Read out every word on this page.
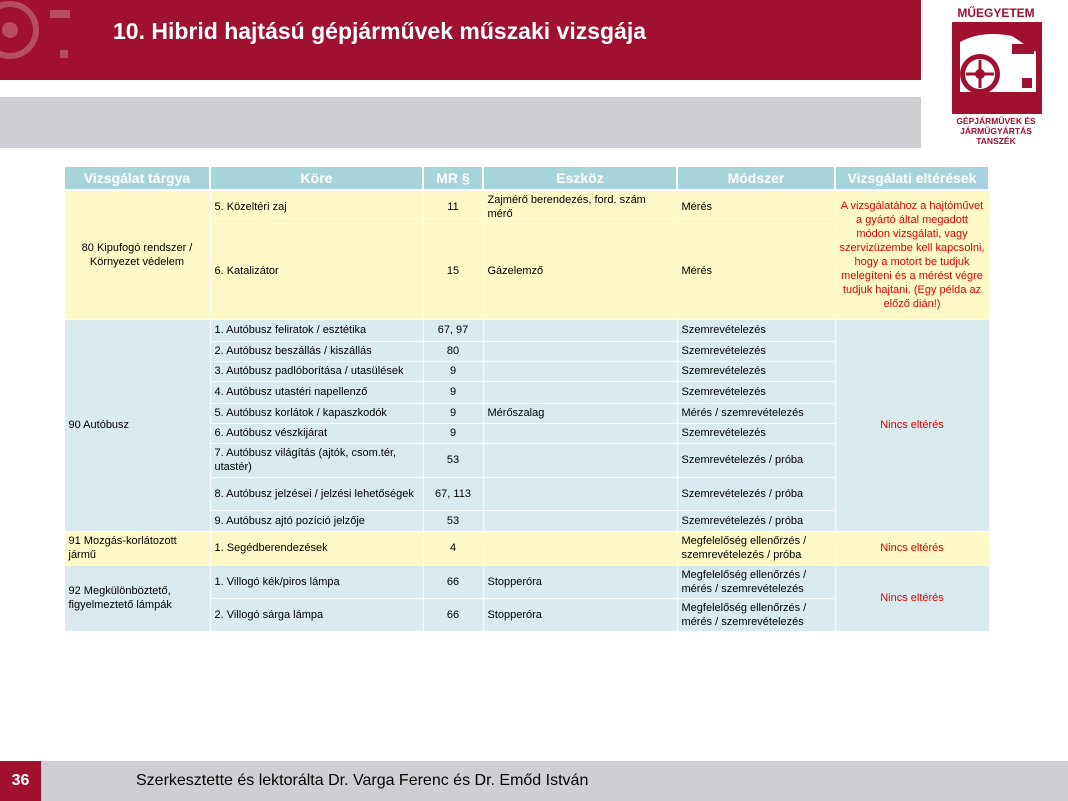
10. Hibrid hajtású gépjárművek műszaki vizsgája
MŰEGYETEM
GÉPJÁRMŰVEK ÉS
JÁRMŰGYÁRTÁS
TANSZÉK
Vizsgálat tárgya	Köre	MR §	Eszköz	Módszer	Vizsgálati eltérések
80 Kipufogó rendszer / Környezet védelem	5. Közeltéri zaj	11	Zajmérő berendezés, ford. szám mérő	Mérés	A vizsgálatához a hajtóművet a gyártó által megadott módon vizsgálati, vagy szervizüzembe kell kapcsolni, hogy a motort be tudjuk melegíteni és a mérést végre tudjuk hajtani. (Egy példa az előző dián!)
	6. Katalizátor	15	Gázelemző	Mérés	
90 Autóbusz	1. Autóbusz feliratok / esztétika	67, 97		Szemrevételezés	Nincs eltérés
	2. Autóbusz beszállás / kiszállás	80		Szemrevételezés	
	3. Autóbusz padlóborítása / utasülések	9		Szemrevételezés	
	4. Autóbusz utastéri napellenző	9		Szemrevételezés	
	5. Autóbusz korlátok / kapaszkodók	9	Mérőszalag	Mérés / szemrevételezés	
	6. Autóbusz vészkijárat	9		Szemrevételezés	
	7. Autóbusz világítás (ajtók, csom.tér, utastér)	53		Szemrevételezés / próba	
	8. Autóbusz jelzései / jelzési lehetőségek	67, 113		Szemrevételezés / próba	
	9. Autóbusz ajtó pozíció jelzője	53		Szemrevételezés / próba	
91 Mozgás-korlátozott jármű	1. Segédberendezések	4		Megfelelőség ellenőrzés / szemrevételezés / próba	Nincs eltérés
92 Megkülönböztető, figyelmeztető lámpák	1. Villogó kék/piros lámpa	66	Stopperóra	Megfelelőség ellenőrzés / mérés / szemrevételezés	Nincs eltérés
	2. Villogó sárga lámpa	66	Stopperóra	Megfelelőség ellenőrzés / mérés / szemrevételezés	
36	Szerkesztette és lektorálta Dr. Varga Ferenc és Dr. Emőd István
